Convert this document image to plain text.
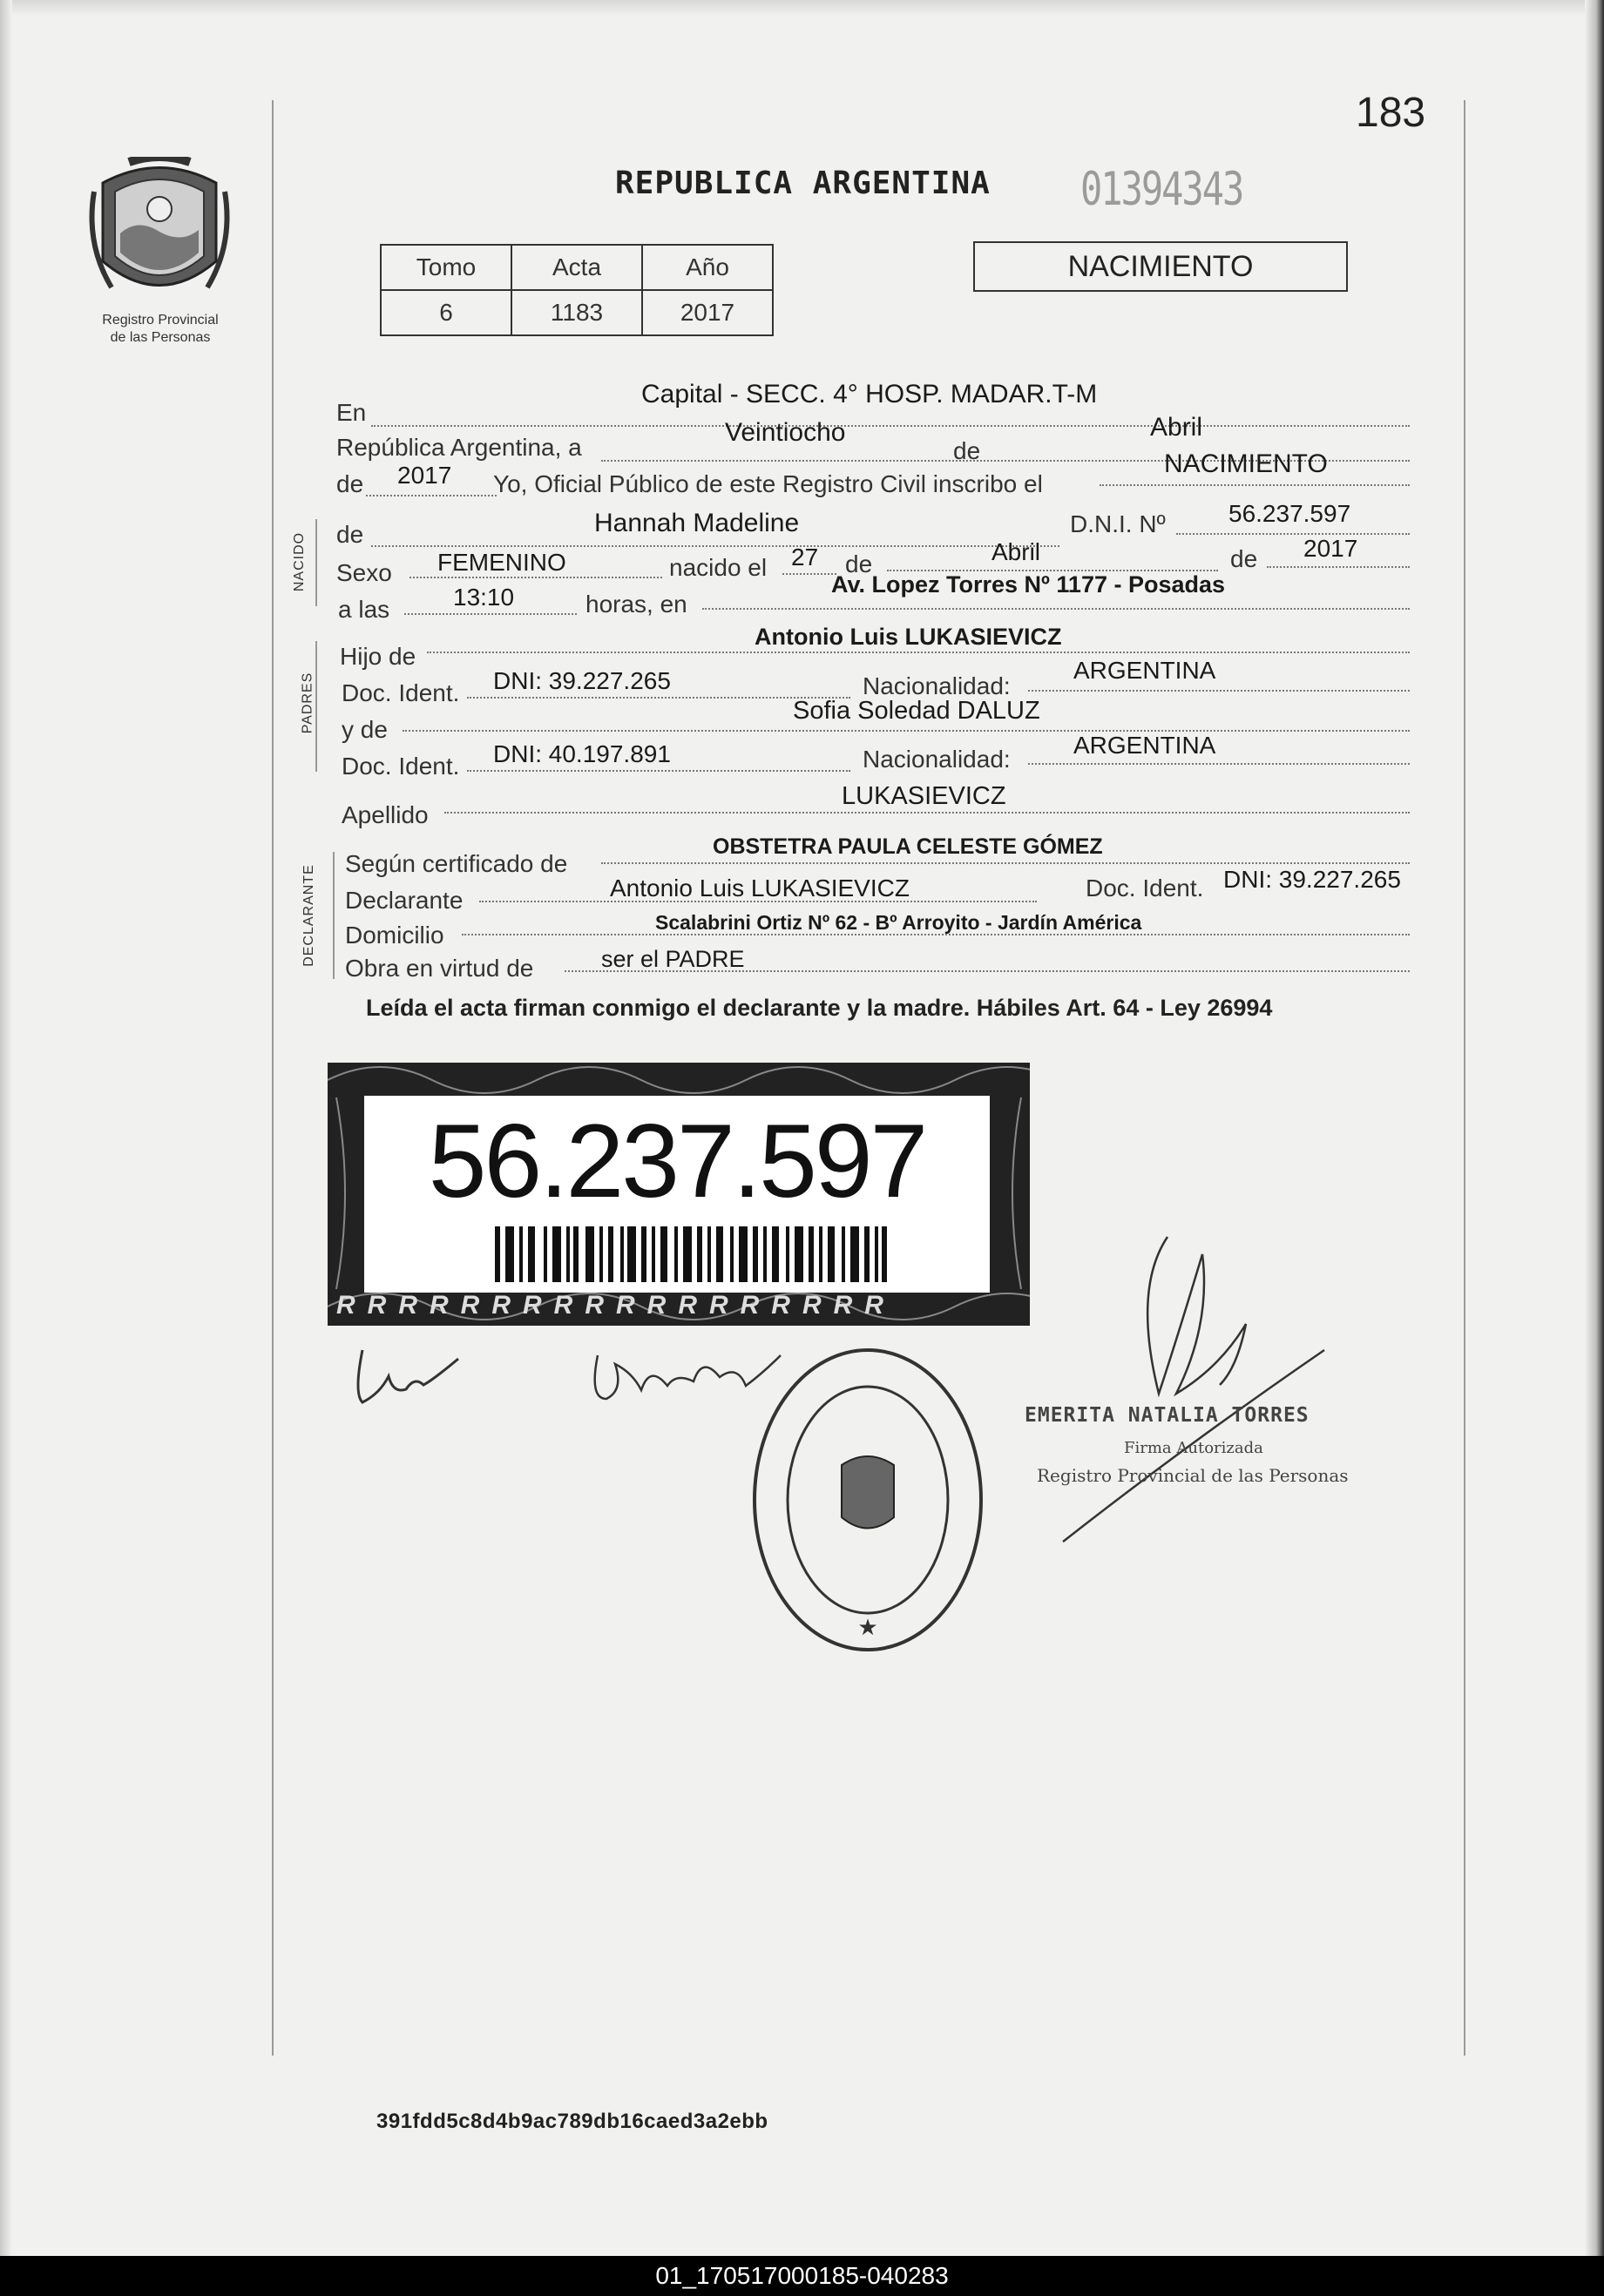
183
Registro Provincial
de las Personas
REPUBLICA ARGENTINA 01394343
Tomo	Acta	Año
6	1183	2017
NACIMIENTO
En
Capital - SECC. 4° HOSP. MADAR.T-M
República Argentina, a
Veintiocho
de
Abril
de 2017 Yo, Oficial Público de este Registro Civil inscribo el
NACIMIENTO
NACIDO de	Hannah Madeline	D.N.I. Nº	56.237.597
Sexo FEMENINO	nacido el 27 de	Abril	de 2017
a las	13:10	horas, en
Av. Lopez Torres Nº 1177 - Posadas
PADRES
Hijo de
Antonio Luis LUKASIEVICZ
Doc. Ident. DNI: 39.227.265	Nacionalidad:
ARGENTINA
y de
Sofia Soledad DALUZ
Doc. Ident. DNI: 40.197.891	Nacionalidad:
ARGENTINA
Apellido
LUKASIEVICZ
DECLARANTE
Según certificado de
OBSTETRA PAULA CELESTE GÓMEZ
Declarante	Antonio Luis LUKASIEVICZ	Doc. Ident. DNI: 39.227.265
Domicilio	Scalabrini Ortiz Nº 62 - Bº Arroyito - Jardín América
Obra en virtud de	ser el PADRE
Leída el acta firman conmigo el declarante y la madre. Hábiles Art. 64 - Ley 26994
56.237.597
RRRRRRRRRRRRRRRRRR
★
EMERITA NATALIA TORRES
Firma Autorizada
Registro Provincial de las Personas
391fdd5c8d4b9ac789db16caed3a2ebb
01_170517000185-040283
